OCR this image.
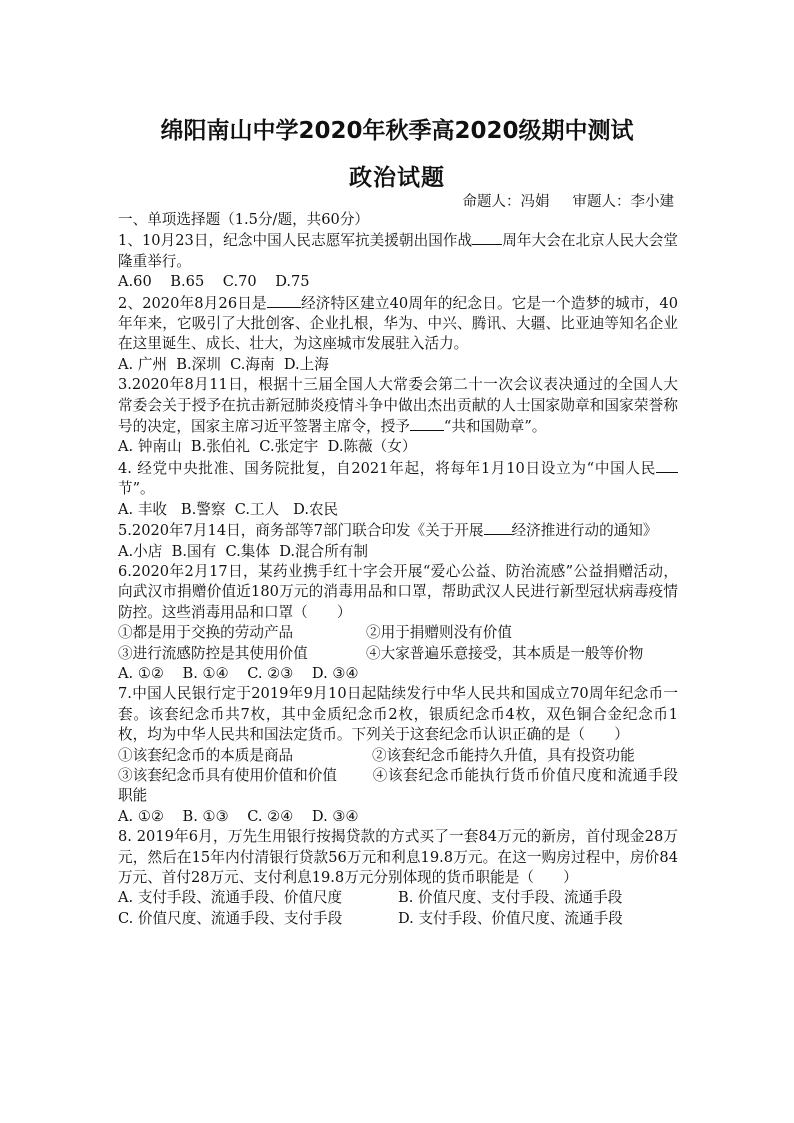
绵阳南山中学2020年秋季高2020级期中测试
政治试题
命题人：冯娟 审题人：李小建
一、单项选择题（1.5分/题，共60分）
1、10月23日，纪念中国人民志愿军抗美援朝出国作战 周年大会在北京人民大会堂隆重举行。
A.60    B.65    C.70    D.75
2、2020年8月26日是 经济特区建立40周年的纪念日。它是一个造梦的城市，40年年来，它吸引了大批创客、企业扎根，华为、中兴、腾讯、大疆、比亚迪等知名企业在这里诞生、成长、壮大，为这座城市发展驻入活力。
A. 广州  B.深圳  C.海南  D.上海
3.2020年8月11日，根据十三届全国人大常委会第二十一次会议表决通过的全国人大常委会关于授予在抗击新冠肺炎疫情斗争中做出杰出贡献的人士国家勋章和国家荣誉称号的决定，国家主席习近平签署主席令，授予 “共和国勋章”。
A. 钟南山  B.张伯礼  C.张定宇  D.陈薇（女）
4. 经党中央批准、国务院批复，自2021年起，将每年1月10日设立为“中国人民 节”。
A. 丰收   B.警察  C.工人   D.农民
5.2020年7月14日，商务部等7部门联合印发《关于开展 经济推进行动的通知》
A.小店  B.国有  C.集体  D.混合所有制
6.2020年2月17日，某药业携手红十字会开展“爱心公益、防治流感”公益捐赠活动，向武汉市捐赠价值近180万元的消毒用品和口罩，帮助武汉人民进行新型冠状病毒疫情防控。这些消毒用品和口罩（　　）
①都是用于交换的劳动产品	②用于捐赠则没有价值
③进行流感防控是其使用价值	④大家普遍乐意接受，其本质是一般等价物
A. ①②    B. ①④    C. ②③    D. ③④
7.中国人民银行定于2019年9月10日起陆续发行中华人民共和国成立70周年纪念币一套。该套纪念币共7枚，其中金质纪念币2枚，银质纪念币4枚，双色铜合金纪念币1枚，均为中华人民共和国法定货币。下列关于这套纪念币认识正确的是（　　）
①该套纪念币的本质是商品	②该套纪念币能持久升值，具有投资功能
③该套纪念币具有使用价值和价值 ④该套纪念币能执行货币价值尺度和流通手段职能
A. ①②    B. ①③    C. ②④    D. ③④
8. 2019年6月，万先生用银行按揭贷款的方式买了一套84万元的新房，首付现金28万元，然后在15年内付清银行贷款56万元和利息19.8万元。在这一购房过程中，房价84万元、首付28万元、支付利息19.8万元分别体现的货币职能是（　　）
A. 支付手段、流通手段、价值尺度	B. 价值尺度、支付手段、流通手段
C. 价值尺度、流通手段、支付手段	D. 支付手段、价值尺度、流通手段
